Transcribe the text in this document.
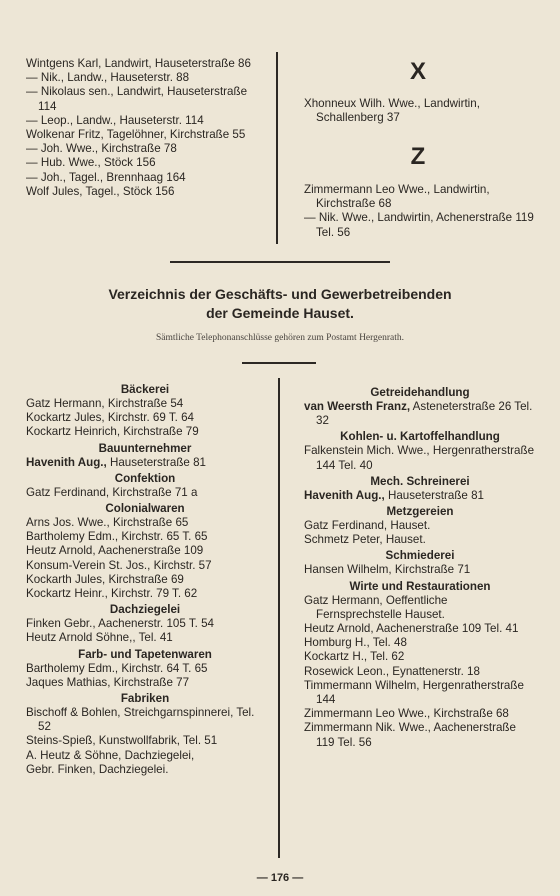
Wintgens Karl, Landwirt, Hauseterstraße 86
— Nik., Landw., Hauseterstr. 88
— Nikolaus sen., Landwirt, Hauseterstraße 114
— Leop., Landw., Hauseterstr. 114
Wolkenar Fritz, Tagelöhner, Kirchstraße 55
— Joh. Wwe., Kirchstraße 78
— Hub. Wwe., Stöck 156
— Joh., Tagel., Brennhaag 164
Wolf Jules, Tagel., Stöck 156
X
Xhonneux Wilh. Wwe., Landwirtin, Schallenberg 37
Z
Zimmermann Leo Wwe., Landwirtin, Kirchstraße 68
— Nik. Wwe., Landwirtin, Achenerstraße 119 Tel. 56
Verzeichnis der Geschäfts- und Gewerbetreibenden
der Gemeinde Hauset.
Sämtliche Telephonanschlüsse gehören zum Postamt Hergenrath.
Bäckerei
Gatz Hermann, Kirchstraße 54
Kockartz Jules, Kirchstr. 69 T. 64
Kockartz Heinrich, Kirchstraße 79
Bauunternehmer
Havenith Aug., Hauseterstraße 81
Confektion
Gatz Ferdinand, Kirchstraße 71 a
Colonialwaren
Arns Jos. Wwe., Kirchstraße 65
Bartholemy Edm., Kirchstr. 65 T. 65
Heutz Arnold, Aachenerstraße 109
Konsum-Verein St. Jos., Kirchstr. 57
Kockarth Jules, Kirchstraße 69
Kockartz Heinr., Kirchstr. 79 T. 62
Dachziegelei
Finken Gebr., Aachenerstr. 105 T. 54
Heutz Arnold Söhne,, Tel. 41
Farb- und Tapetenwaren
Bartholemy Edm., Kirchstr. 64 T. 65
Jaques Mathias, Kirchstraße 77
Fabriken
Bischoff & Bohlen, Streichgarnspinnerei, Tel. 52
Steins-Spieß, Kunstwollfabrik, Tel. 51
A. Heutz & Söhne, Dachziegelei,
Gebr. Finken, Dachziegelei.
Getreidehandlung
van Weersth Franz, Asteneterstraße 26 Tel. 32
Kohlen- u. Kartoffelhandlung
Falkenstein Mich. Wwe., Hergenratherstraße 144 Tel. 40
Mech. Schreinerei
Havenith Aug., Hauseterstraße 81
Metzgereien
Gatz Ferdinand, Hauset.
Schmetz Peter, Hauset.
Schmiederei
Hansen Wilhelm, Kirchstraße 71
Wirte und Restaurationen
Gatz Hermann, Oeffentliche Fernsprechstelle Hauset.
Heutz Arnold, Aachenerstraße 109 Tel. 41
Homburg H., Tel. 48
Kockartz H., Tel. 62
Rosewick Leon., Eynattenerstr. 18
Timmermann Wilhelm, Hergenratherstraße 144
Zimmermann Leo Wwe., Kirchstraße 68
Zimmermann Nik. Wwe., Aachenerstraße 119 Tel. 56
— 176 —
